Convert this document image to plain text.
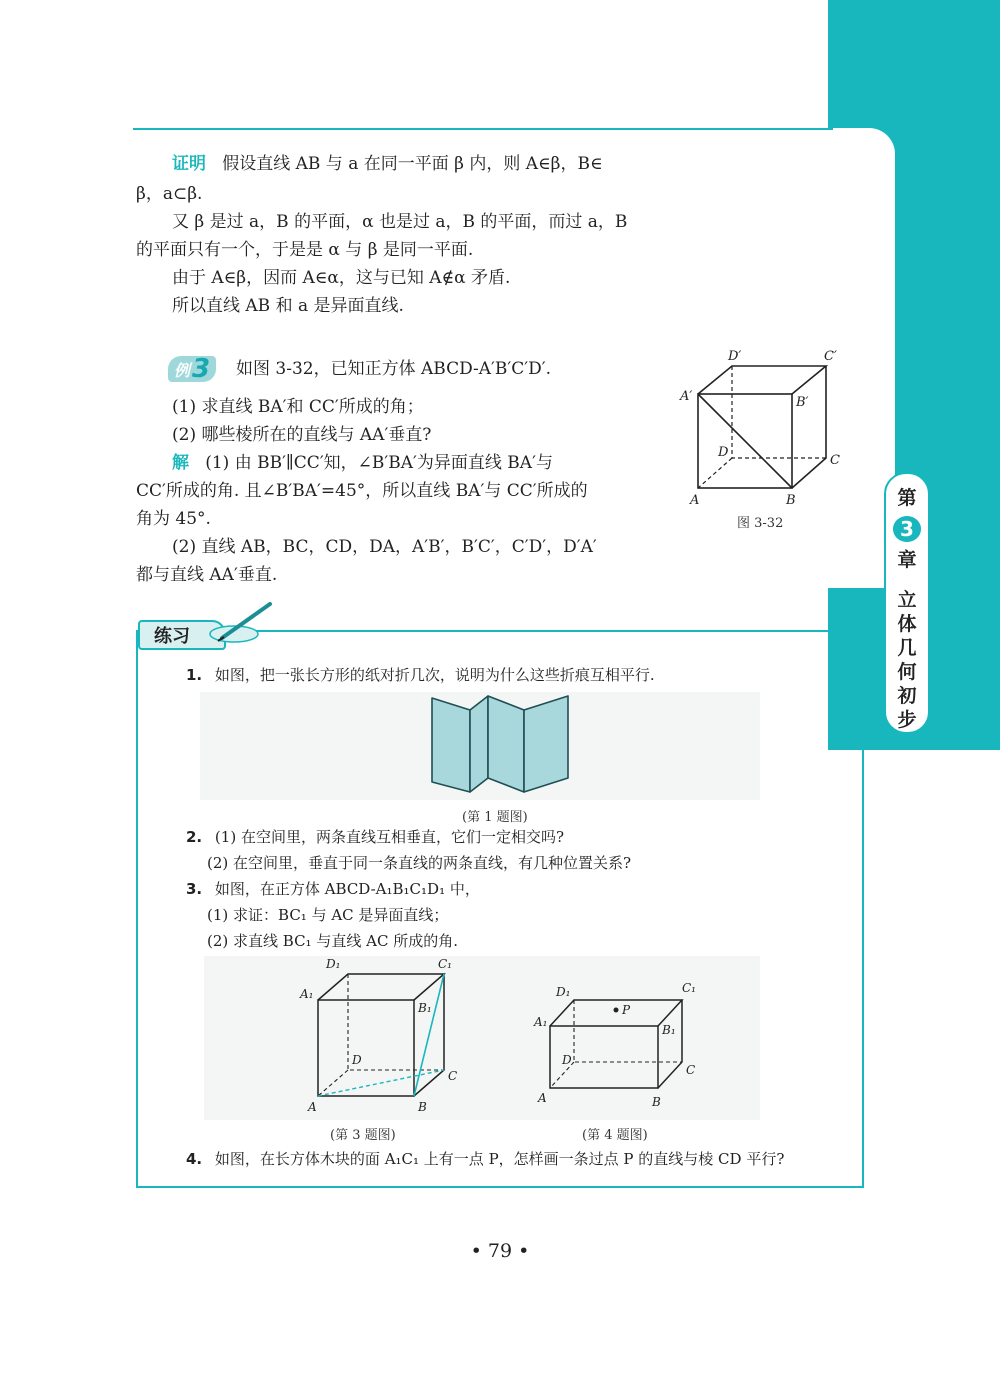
第
3
章
立
体
几
何
初
步
证明 假设直线 AB 与 a 在同一平面 β 内，则 A∈β，B∈
β，a⊂β.
又 β 是过 a，B 的平面，α 也是过 a，B 的平面，而过 a，B
的平面只有一个，于是是 α 与 β 是同一平面.
由于 A∈β，因而 A∈α，这与已知 A∉α 矛盾.
所以直线 AB 和 a 是异面直线.
例 3 如图 3-32，已知正方体 ABCD-A′B′C′D′.
(1) 求直线 BA′和 CC′所成的角；
(2) 哪些棱所在的直线与 AA′垂直?
解 (1) 由 BB′∥CC′知，∠B′BA′为异面直线 BA′与
CC′所成的角. 且∠B′BA′=45°，所以直线 BA′与 CC′所成的
角为 45°.
(2) 直线 AB，BC，CD，DA，A′B′，B′C′，C′D′，D′A′
都与直线 AA′垂直.
A	B
C
D
A′	B′
C′
D′
图 3-32
练习
1. 如图，把一张长方形的纸对折几次，说明为什么这些折痕互相平行.
(第 1 题图)
2. (1) 在空间里，两条直线互相垂直，它们一定相交吗?
(2) 在空间里，垂直于同一条直线的两条直线，有几种位置关系?
3. 如图，在正方体 ABCD-A₁B₁C₁D₁ 中，
(1) 求证：BC₁ 与 AC 是异面直线；
(2) 求直线 BC₁ 与直线 AC 所成的角.
A	B
C
D
A₁
B₁
C₁
D₁
(第 3 题图)
P
A	B
C
D
A₁
B₁
C₁
D₁
(第 4 题图)
4. 如图，在长方体木块的面 A₁C₁ 上有一点 P，怎样画一条过点 P 的直线与棱 CD 平行?
• 79 •
